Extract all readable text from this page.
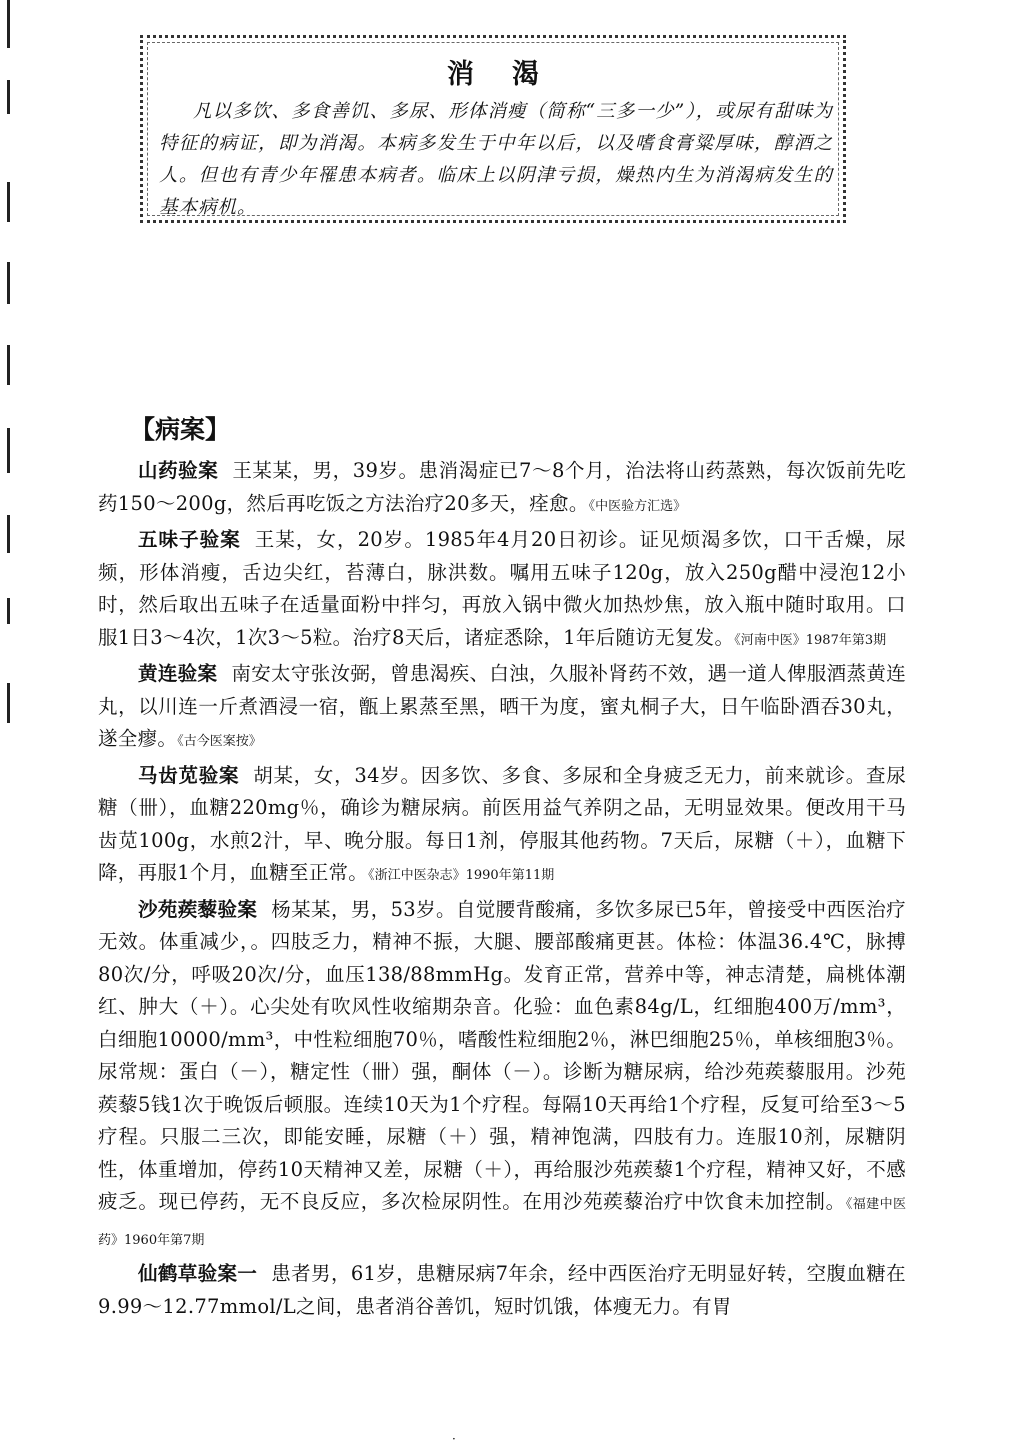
消渴
凡以多饮、多食善饥、多尿、形体消瘦（简称“三多一少”），或尿有甜味为特征的病证，即为消渴。本病多发生于中年以后，以及嗜食膏粱厚味，醇酒之人。但也有青少年罹患本病者。临床上以阴津亏损，燥热内生为消渴病发生的基本病机。
【病案】

山药验案 王某某，男，39岁。患消渴症已7～8个月，治法将山药蒸熟，每次饭前先吃药150～200g，然后再吃饭之方法治疗20多天，痊愈。《中医验方汇选》

五味子验案 王某，女，20岁。1985年4月20日初诊。证见烦渴多饮，口干舌燥，尿频，形体消瘦，舌边尖红，苔薄白，脉洪数。嘱用五味子120g，放入250g醋中浸泡12小时，然后取出五味子在适量面粉中拌匀，再放入锅中微火加热炒焦，放入瓶中随时取用。口服1日3～4次，1次3～5粒。治疗8天后，诸症悉除，1年后随访无复发。《河南中医》1987年第3期

黄连验案 南安太守张汝弼，曾患渴疾、白浊，久服补肾药不效，遇一道人俾服酒蒸黄连丸，以川连一斤煮酒浸一宿，甑上累蒸至黑，晒干为度，蜜丸桐子大，日午临卧酒吞30丸，遂全瘳。《古今医案按》

马齿苋验案 胡某，女，34岁。因多饮、多食、多尿和全身疲乏无力，前来就诊。查尿糖（卌），血糖220mg％，确诊为糖尿病。前医用益气养阴之品，无明显效果。便改用干马齿苋100g，水煎2汁，早、晚分服。每日1剂，停服其他药物。7天后，尿糖（＋），血糖下降，再服1个月，血糖至正常。《浙江中医杂志》1990年第11期

沙苑蒺藜验案 杨某某，男，53岁。自觉腰背酸痛，多饮多尿已5年，曾接受中西医治疗无效。体重减少，。四肢乏力，精神不振，大腿、腰部酸痛更甚。体检：体温36.4℃，脉搏80次/分，呼吸20次/分，血压138/88mmHg。发育正常，营养中等，神志清楚，扁桃体潮红、肿大（＋）。心尖处有吹风性收缩期杂音。化验：血色素84g/L，红细胞400万/mm³，白细胞10000/mm³，中性粒细胞70％，嗜酸性粒细胞2％，淋巴细胞25％，单核细胞3％。尿常规：蛋白（－），糖定性（卌）强，酮体（－）。诊断为糖尿病，给沙苑蒺藜服用。沙苑蒺藜5钱1次于晚饭后顿服。连续10天为1个疗程。每隔10天再给1个疗程，反复可给至3～5疗程。只服二三次，即能安睡，尿糖（＋）强，精神饱满，四肢有力。连服10剂，尿糖阴性，体重增加，停药10天精神又差，尿糖（＋），再给服沙苑蒺藜1个疗程，精神又好，不感疲乏。现已停药，无不良反应，多次检尿阴性。在用沙苑蒺藜治疗中饮食未加控制。《福建中医药》1960年第7期

仙鹤草验案一 患者男，61岁，患糖尿病7年余，经中西医治疗无明显好转，空腹血糖在9.99～12.77mmol/L之间，患者消谷善饥，短时饥饿，体瘦无力。有胃

·
